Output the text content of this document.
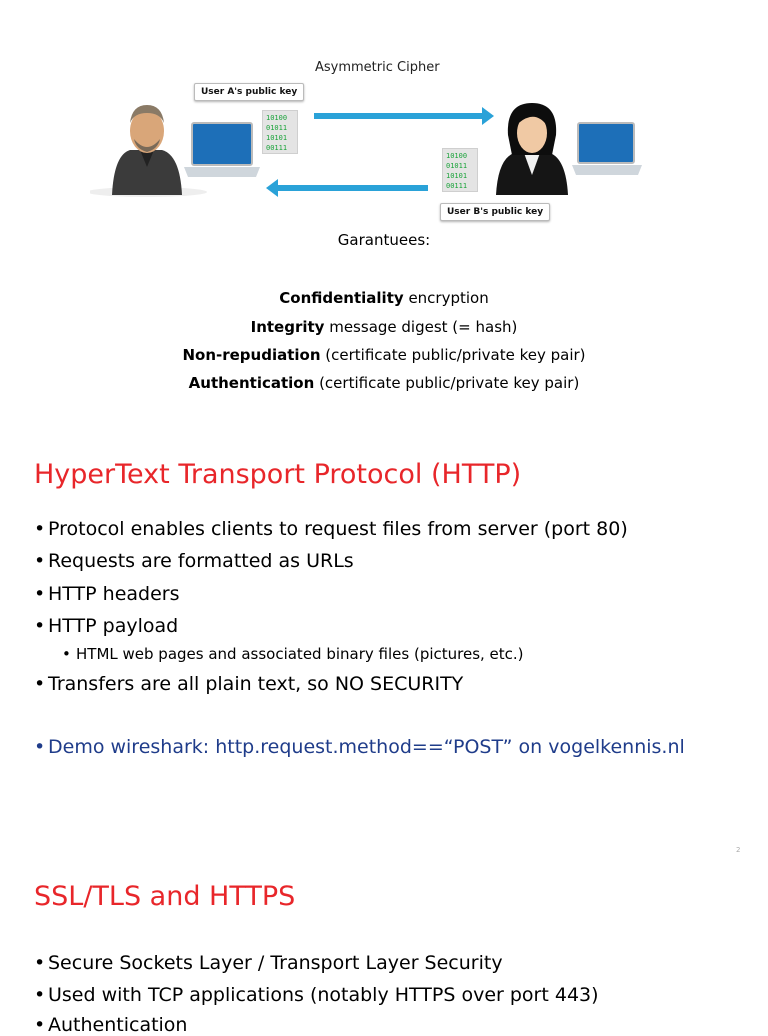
Asymmetric Cipher
User A's public key
User B's public key
10100
01011
10101
00111
10100
01011
10101
00111
Garantuees:
Confidentiality encryption
Integrity message digest (= hash)
Non-repudiation (certificate public/private key pair)
Authentication (certificate public/private key pair)
HyperText Transport Protocol (HTTP)
• Protocol enables clients to request files from server (port 80)
• Requests are formatted as URLs
• HTTP headers
• HTTP payload
• HTML web pages and associated binary files (pictures, etc.)
• Transfers are all plain text, so NO SECURITY
• Demo wireshark: http.request.method==“POST” on vogelkennis.nl
2
SSL/TLS and HTTPS
• Secure Sockets Layer / Transport Layer Security
• Used with TCP applications (notably HTTPS over port 443)
• Authentication
